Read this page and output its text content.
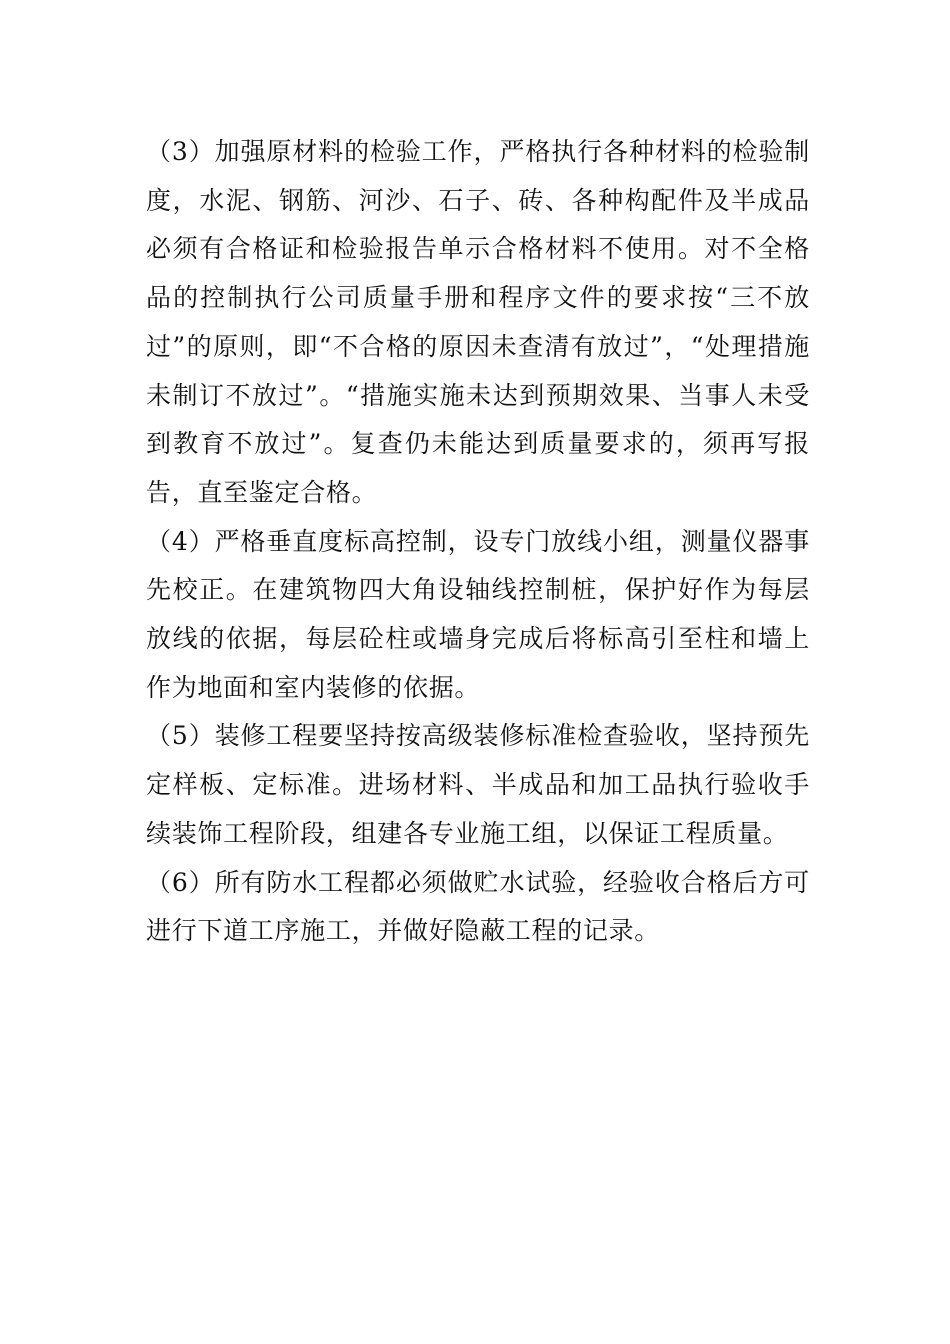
（3）加强原材料的检验工作，严格执行各种材料的检验制度，水泥、钢筋、河沙、石子、砖、各种构配件及半成品必须有合格证和检验报告单示合格材料不使用。对不全格品的控制执行公司质量手册和程序文件的要求按“三不放过”的原则，即“不合格的原因未查清有放过”，“处理措施未制订不放过”。“措施实施未达到预期效果、当事人未受到教育不放过”。复查仍未能达到质量要求的，须再写报告，直至鉴定合格。

（4）严格垂直度标高控制，设专门放线小组，测量仪器事先校正。在建筑物四大角设轴线控制桩，保护好作为每层放线的依据，每层砼柱或墙身完成后将标高引至柱和墙上作为地面和室内装修的依据。

（5）装修工程要坚持按高级装修标准检查验收，坚持预先定样板、定标准。进场材料、半成品和加工品执行验收手续装饰工程阶段，组建各专业施工组，以保证工程质量。

（6）所有防水工程都必须做贮水试验，经验收合格后方可进行下道工序施工，并做好隐蔽工程的记录。
